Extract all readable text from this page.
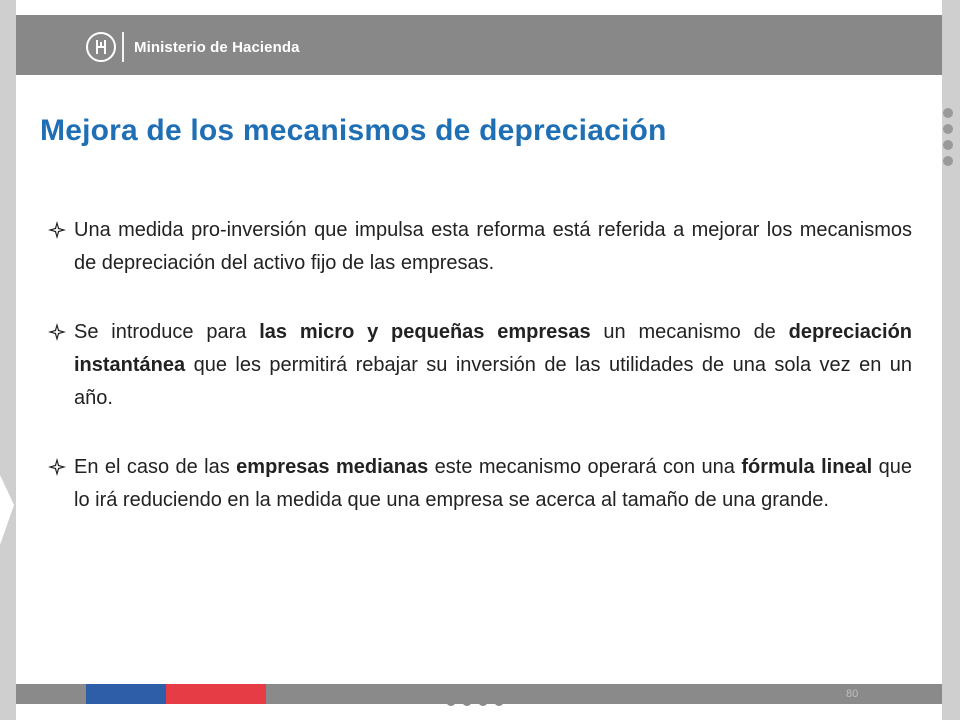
Ministerio de Hacienda
Mejora de los mecanismos de depreciación
Una medida pro-inversión que impulsa esta reforma está referida a mejorar los mecanismos de depreciación del activo fijo de las empresas.
Se introduce para las micro y pequeñas empresas un mecanismo de depreciación instantánea que les permitirá rebajar su inversión de las utilidades de una sola vez en un año.
En el caso de las empresas medianas este mecanismo operará con una fórmula lineal que lo irá reduciendo en la medida que una empresa se acerca al tamaño de una grande.
80
